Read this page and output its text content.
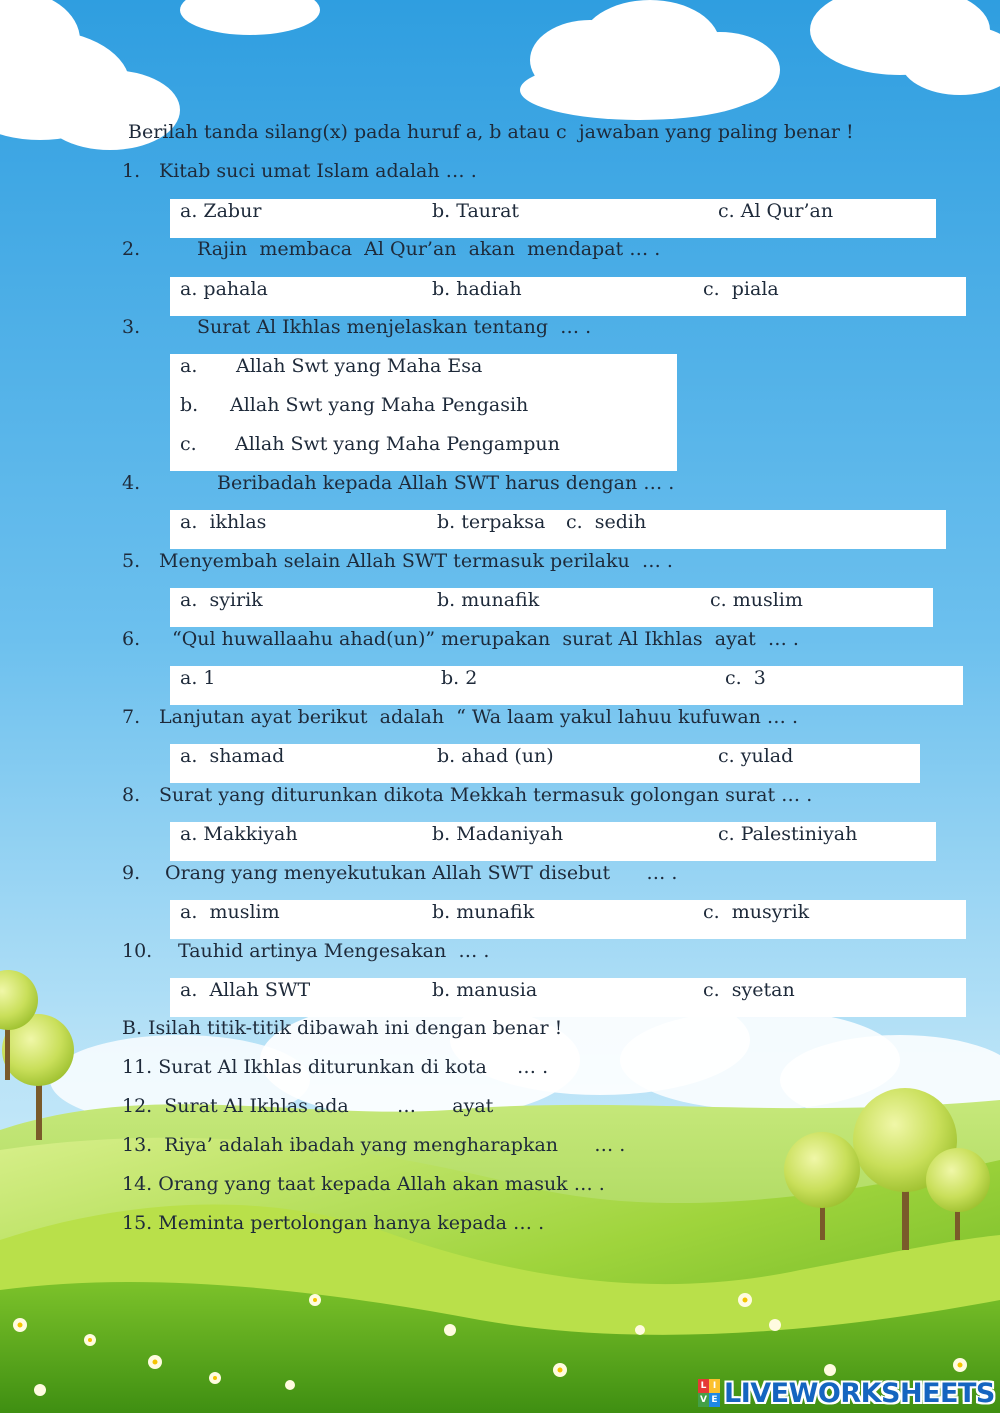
Berilah tanda silang(x) pada huruf a, b atau c  jawaban yang paling benar !
1. Kitab suci umat Islam adalah … .
a. Zabur	b. Taurat	c. Al Qur’an
2.	Rajin  membaca  Al Qur’an  akan  mendapat … .
a. pahala	b. hadiah	c.  piala
3.	Surat Al Ikhlas menjelaskan tentang  … .
a. Allah Swt yang Maha Esa
b. Allah Swt yang Maha Pengasih
c. Allah Swt yang Maha Pengampun
4.	Beribadah kepada Allah SWT harus dengan … .
a.  ikhlas	b. terpaksa c.  sedih
5. Menyembah selain Allah SWT termasuk perilaku  … .
a.  syirik	b. munafik	c. muslim
6. “Qul huwallaahu ahad(un)” merupakan  surat Al Ikhlas  ayat  … .
a. 1	b. 2	c.  3
7. Lanjutan ayat berikut  adalah  “ Wa laam yakul lahuu kufuwan … .
a.  shamad	b. ahad (un)	c. yulad
8. Surat yang diturunkan dikota Mekkah termasuk golongan surat … .
a. Makkiyah	b. Madaniyah	c. Palestiniyah
9. Orang yang menyekutukan Allah SWT disebut      … .
a.  muslim	b. munafik	c.  musyrik
10. Tauhid artinya Mengesakan  … .
a.  Allah SWT	b. manusia	c.  syetan
B. Isilah titik-titik dibawah ini dengan benar !
11. Surat Al Ikhlas diturunkan di kota     … .
12.  Surat Al Ikhlas ada        …      ayat
13.  Riya’ adalah ibadah yang mengharapkan      … .
14. Orang yang taat kepada Allah akan masuk … .
15. Meminta pertolongan hanya kepada … .
L I
V E LIVEWORKSHEETS
